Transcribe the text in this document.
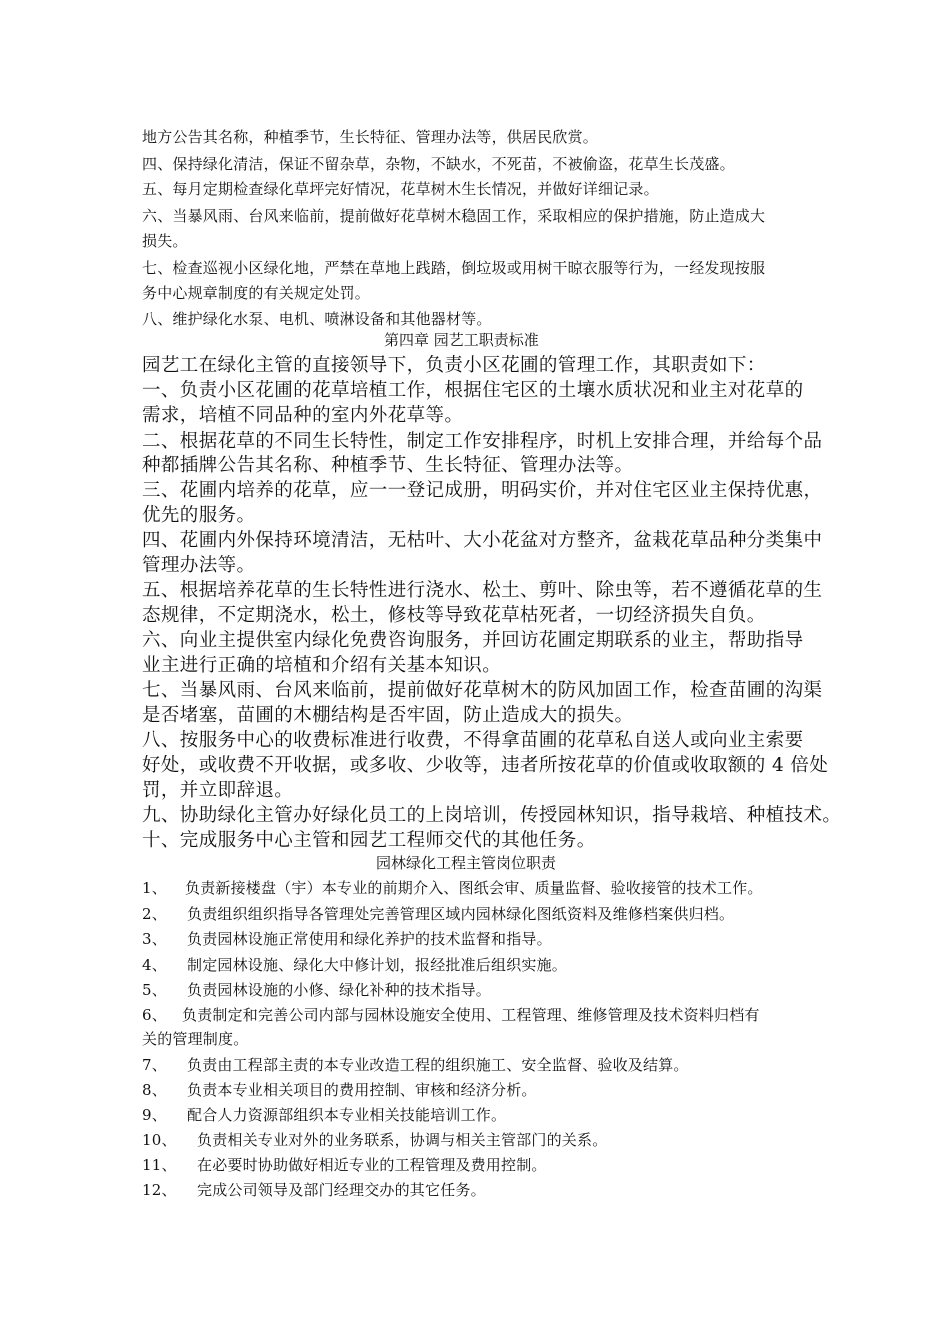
地方公告其名称，种植季节，生长特征、管理办法等，供居民欣赏。
四、保持绿化清洁，保证不留杂草，杂物，不缺水，不死苗，不被偷盗，花草生长茂盛。
五、每月定期检查绿化草坪完好情况，花草树木生长情况，并做好详细记录。
六、当暴风雨、台风来临前，提前做好花草树木稳固工作，采取相应的保护措施，防止造成大
损失。
七、检查巡视小区绿化地，严禁在草地上践踏，倒垃圾或用树干晾衣服等行为，一经发现按服
务中心规章制度的有关规定处罚。
八、维护绿化水泵、电机、喷淋设备和其他器材等。
第四章 园艺工职责标准
园艺工在绿化主管的直接领导下，负责小区花圃的管理工作，其职责如下：
一、负责小区花圃的花草培植工作，根据住宅区的土壤水质状况和业主对花草的
需求，培植不同品种的室内外花草等。
二、根据花草的不同生长特性，制定工作安排程序，时机上安排合理，并给每个品
种都插牌公告其名称、种植季节、生长特征、管理办法等。
三、花圃内培养的花草，应一一登记成册，明码实价，并对住宅区业主保持优惠，
优先的服务。
四、花圃内外保持环境清洁，无枯叶、大小花盆对方整齐，盆栽花草品种分类集中
管理办法等。
五、根据培养花草的生长特性进行浇水、松土、剪叶、除虫等，若不遵循花草的生
态规律，不定期浇水，松土，修枝等导致花草枯死者，一切经济损失自负。
六、向业主提供室内绿化免费咨询服务，并回访花圃定期联系的业主，帮助指导
业主进行正确的培植和介绍有关基本知识。
七、当暴风雨、台风来临前，提前做好花草树木的防风加固工作，检查苗圃的沟渠
是否堵塞，苗圃的木棚结构是否牢固，防止造成大的损失。
八、按服务中心的收费标准进行收费，不得拿苗圃的花草私自送人或向业主索要
好处，或收费不开收据，或多收、少收等，违者所按花草的价值或收取额的 4 倍处
罚，并立即辞退。
九、协助绿化主管办好绿化员工的上岗培训，传授园林知识，指导栽培、种植技术。
十、完成服务中心主管和园艺工程师交代的其他任务。
园林绿化工程主管岗位职责
1、 负责新接楼盘（宇）本专业的前期介入、图纸会审、质量监督、验收接管的技术工作。
2、 负责组织组织指导各管理处完善管理区域内园林绿化图纸资料及维修档案供归档。
3、 负责园林设施正常使用和绿化养护的技术监督和指导。
4、 制定园林设施、绿化大中修计划，报经批准后组织实施。
5、 负责园林设施的小修、绿化补种的技术指导。
6、 负责制定和完善公司内部与园林设施安全使用、工程管理、维修管理及技术资料归档有
关的管理制度。
7、 负责由工程部主责的本专业改造工程的组织施工、安全监督、验收及结算。
8、 负责本专业相关项目的费用控制、审核和经济分析。
9、 配合人力资源部组织本专业相关技能培训工作。
10、 负责相关专业对外的业务联系，协调与相关主管部门的关系。
11、 在必要时协助做好相近专业的工程管理及费用控制。
12、 完成公司领导及部门经理交办的其它任务。
